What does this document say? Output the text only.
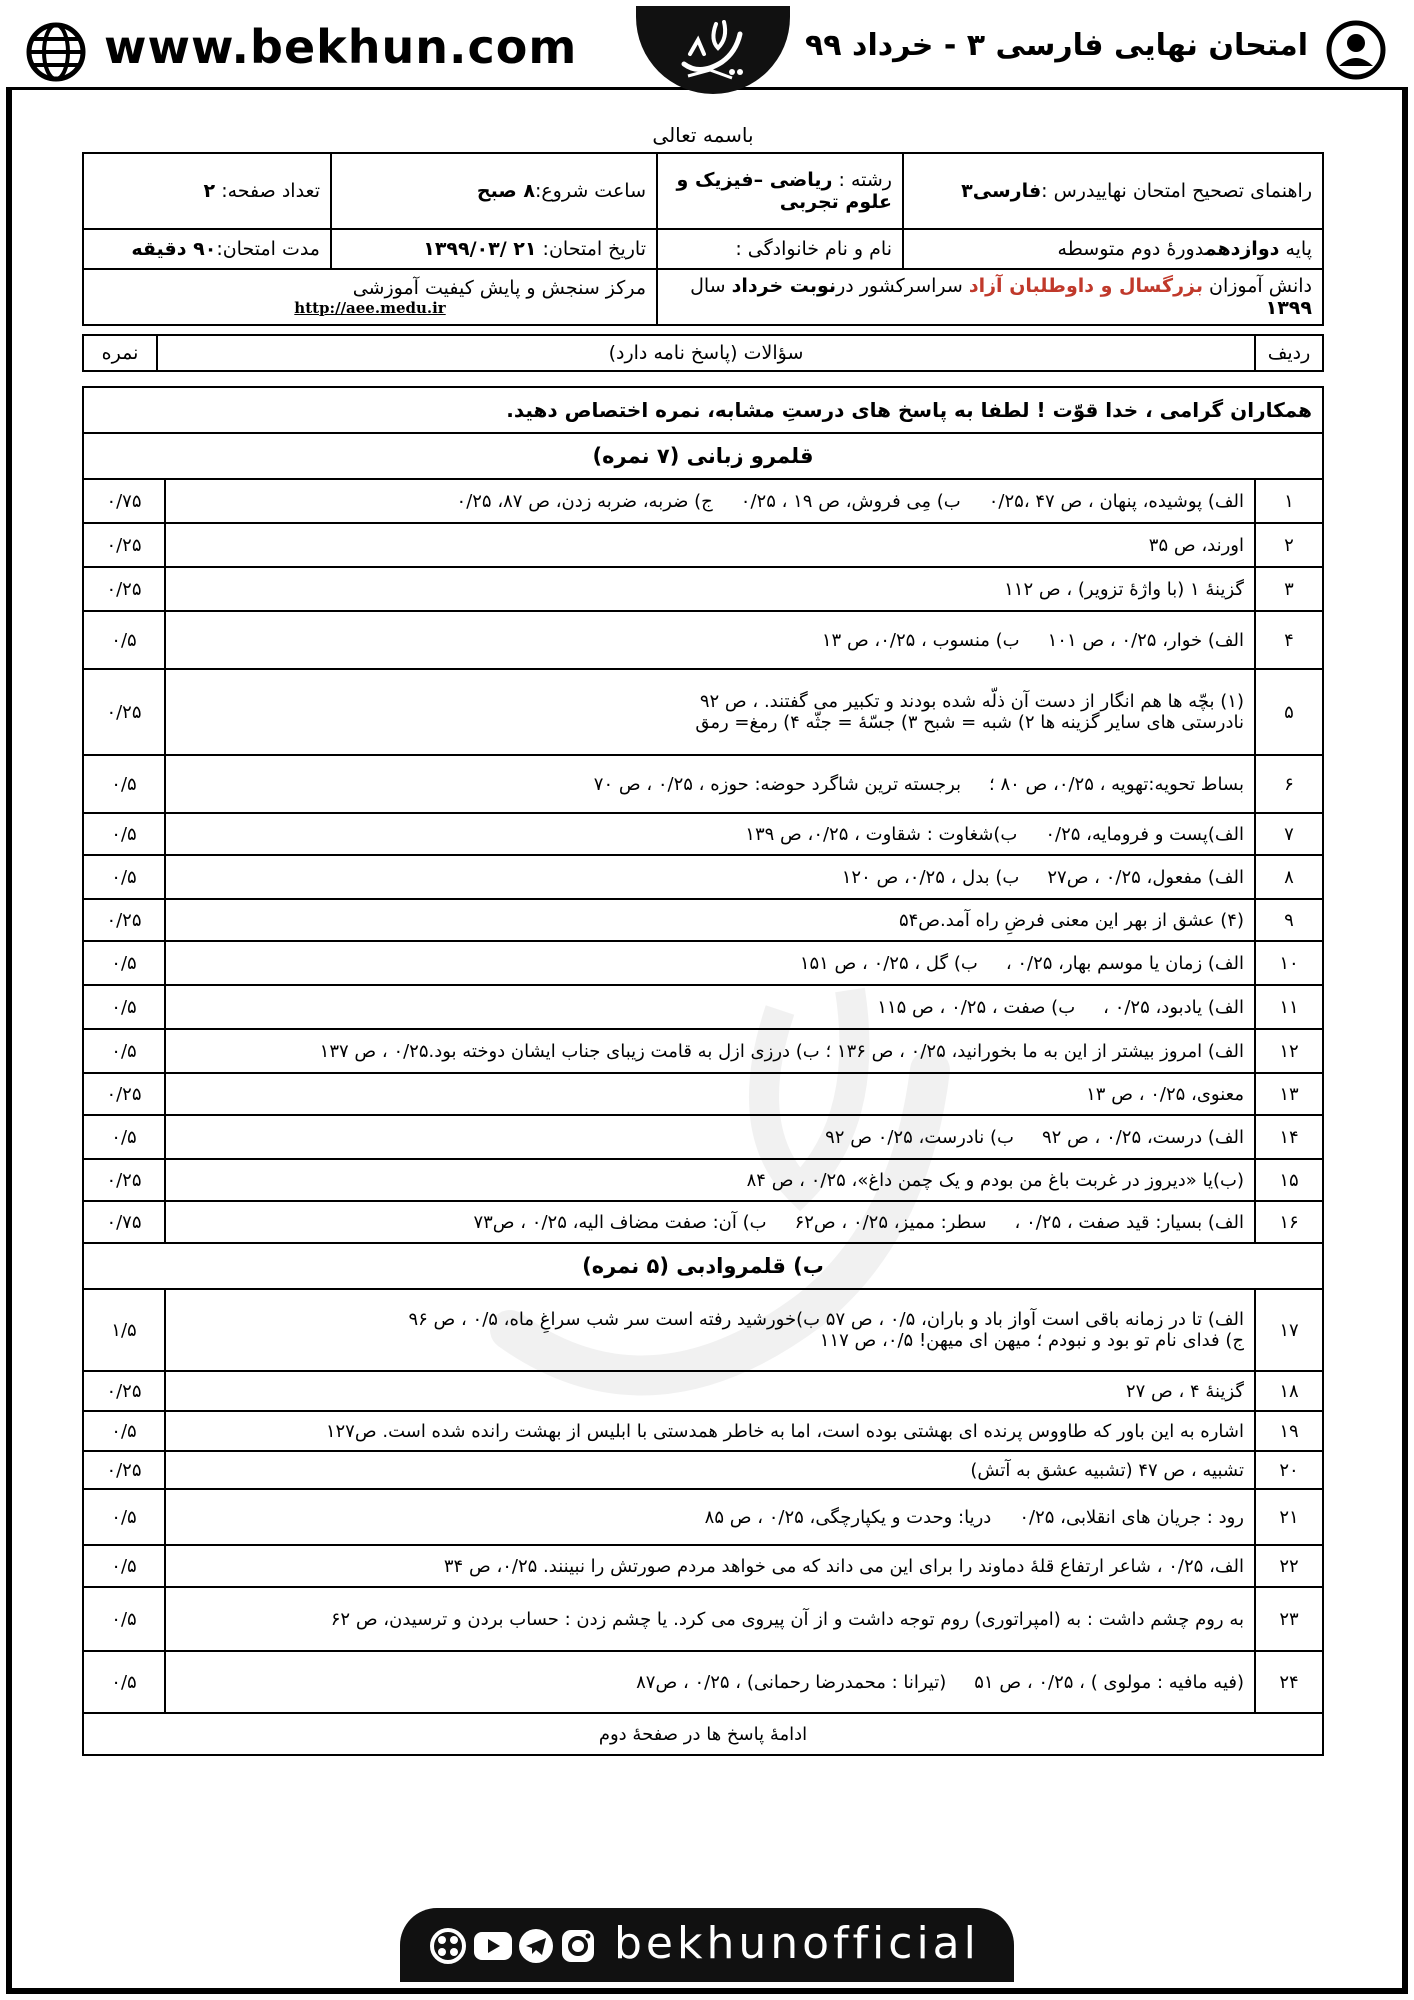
www.bekhun.com	امتحان نهایی فارسی ۳ - خرداد ۹۹
باسمه تعالی
راهنمای تصحیح امتحان نهاییدرس :فارسی۳	رشته : ریاضی –فیزیک و علوم تجربی	ساعت شروع:۸ صبح	تعداد صفحه: ۲
پایه دوازدهمدورۀ دوم متوسطه	نام و نام خانوادگی :	تاریخ امتحان: ۱۳۹۹/۰۳/ ۲۱	مدت امتحان:۹۰ دقیقه
دانش آموزان بزرگسال و داوطلبان آزاد سراسرکشور درنوبت خرداد سال ۱۳۹۹		مرکز سنجش و پایش کیفیت آموزشی
http://aee.medu.ir	
ردیف	سؤالات (پاسخ نامه دارد)	نمره
همکاران گرامی ، خدا قوّت ! لطفا به پاسخ های درستِ مشابه، نمره اختصاص دهید.		
قلمرو زبانی (۷ نمره)		
۱	الف) پوشیده، پنهان ، ص ۴۷ ،۰/۲۵ب) مِی فروش، ص ۱۹ ، ۰/۲۵ج) ضربه، ضربه زدن، ص ۸۷، ۰/۲۵	۰/۷۵
۲	اورند، ص ۳۵	۰/۲۵
۳	گزینۀ ۱ (با واژۀ تزویر) ، ص ۱۱۲	۰/۲۵
۴	الف) خوار، ۰/۲۵ ، ص ۱۰۱ب) منسوب ، ۰/۲۵، ص ۱۳	۰/۵
۵	(۱) بچّه ها هم انگار از دست آن ذلّه شده بودند و تکبیر می گفتند. ، ص ۹۲نادرستی های سایر گزینه ها ۲) شبه = شبح ۳) جسّۀ = جثّه ۴) رمغ= رمق	۰/۲۵
۶	بساط تحویه:تهویه ، ۰/۲۵، ص ۸۰ ؛برجسته ترین شاگرد حوضه: حوزه ، ۰/۲۵ ، ص ۷۰	۰/۵
۷	الف)پست و فرومایه، ۰/۲۵ب)شغاوت : شقاوت ، ۰/۲۵، ص ۱۳۹	۰/۵
۸	الف) مفعول، ۰/۲۵ ، ص۲۷ب) بدل ، ۰/۲۵، ص ۱۲۰	۰/۵
۹	(۴) عشق از بهر این معنی فرضِ راه آمد.ص۵۴	۰/۲۵
۱۰	الف) زمان یا موسم بهار، ۰/۲۵ ،ب) گل ، ۰/۲۵ ، ص ۱۵۱	۰/۵
۱۱	الف) یادبود، ۰/۲۵ ،ب) صفت ، ۰/۲۵ ، ص ۱۱۵	۰/۵
۱۲	الف) امروز بیشتر از این به ما بخورانید، ۰/۲۵ ، ص ۱۳۶ ؛ ب) درزی ازل به قامت زیبای جناب ایشان دوخته بود.۰/۲۵ ، ص ۱۳۷	۰/۵
۱۳	معنوی، ۰/۲۵ ، ص ۱۳	۰/۲۵
۱۴	الف) درست، ۰/۲۵ ، ص ۹۲ب) نادرست، ۰/۲۵ ص ۹۲	۰/۵
۱۵	(ب)یا «دیروز در غربت باغ من بودم و یک چمن داغ»، ۰/۲۵ ، ص ۸۴	۰/۲۵
۱۶	الف) بسیار: قید صفت ، ۰/۲۵ ،سطر: ممیز، ۰/۲۵ ، ص۶۲ب) آن: صفت مضاف الیه، ۰/۲۵ ، ص۷۳	۰/۷۵
ب) قلمروادبی (۵ نمره)		
۱۷	الف) تا در زمانه باقی است آواز باد و باران، ۰/۵ ، ص ۵۷ ب)خورشید رفته است سر شب سراغِ ماه، ۰/۵ ، ص ۹۶ج) فدای نام تو بود و نبودم ؛ میهن ای میهن! ۰/۵، ص ۱۱۷	۱/۵
۱۸	گزینۀ ۴ ، ص ۲۷	۰/۲۵
۱۹	اشاره به این باور که طاووس پرنده ای بهشتی بوده است، اما به خاطر همدستی با ابلیس از بهشت رانده شده است. ص۱۲۷	۰/۵
۲۰	تشبیه ، ص ۴۷ (تشبیه عشق به آتش)	۰/۲۵
۲۱	رود : جریان های انقلابی، ۰/۲۵دریا: وحدت و یکپارچگی، ۰/۲۵ ، ص ۸۵	۰/۵
۲۲	الف، ۰/۲۵ ، شاعر ارتفاع قلۀ دماوند را برای این می داند که می خواهد مردم صورتش را نبینند. ۰/۲۵، ص ۳۴	۰/۵
۲۳	به روم چشم داشت : به (امپراتوری) روم توجه داشت و از آن پیروی می کرد. یا چشم زدن : حساب بردن و ترسیدن، ص ۶۲	۰/۵
۲۴	(فیه مافیه : مولوی ) ، ۰/۲۵ ، ص ۵۱(تیرانا : محمدرضا رحمانی) ، ۰/۲۵ ، ص۸۷	۰/۵
ادامۀ پاسخ ها در صفحۀ دوم		
bekhunofficial
